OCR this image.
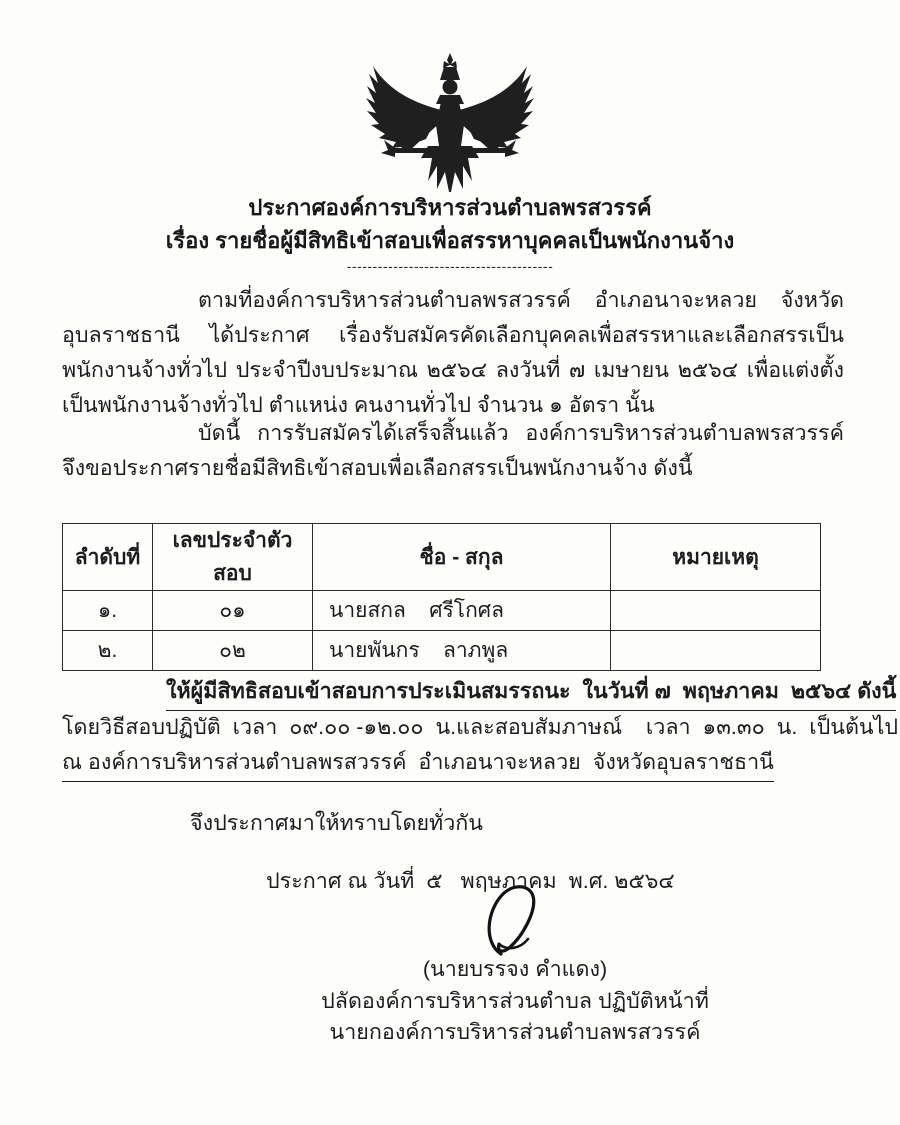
ประกาศองค์การบริหารส่วนตำบลพรสวรรค์
เรื่อง รายชื่อผู้มีสิทธิเข้าสอบเพื่อสรรหาบุคคลเป็นพนักงานจ้าง
----------------------------------------
ตามที่องค์การบริหารส่วนตำบลพรสวรรค์ อำเภอนาจะหลวย จังหวัดอุบลราชธานี ได้ประกาศ เรื่องรับสมัครคัดเลือกบุคคลเพื่อสรรหาและเลือกสรรเป็นพนักงานจ้างทั่วไป ประจำปีงบประมาณ ๒๕๖๔ ลงวันที่ ๗ เมษายน ๒๕๖๔ เพื่อแต่งตั้งเป็นพนักงานจ้างทั่วไป ตำแหน่ง คนงานทั่วไป จำนวน ๑ อัตรา นั้น
บัดนี้ การรับสมัครได้เสร็จสิ้นแล้ว องค์การบริหารส่วนตำบลพรสวรรค์ จึงขอประกาศรายชื่อมีสิทธิเข้าสอบเพื่อเลือกสรรเป็นพนักงานจ้าง ดังนี้
ลำดับที่	เลขประจำตัวสอบ	ชื่อ - สกุล	หมายเหตุ
๑.	๐๑	นายสกล    ศรีโกศล	
๒.	๐๒	นายพันกร    ลาภพูล	
ให้ผู้มีสิทธิสอบเข้าสอบการประเมินสมรรถนะ  ในวันที่ ๗  พฤษภาคม  ๒๕๖๔ ดังนี้
โดยวิธีสอบปฏิบัติ  เวลา  ๐๙.๐๐ -๑๒.๐๐  น.และสอบสัมภาษณ์    เวลา  ๑๓.๓๐  น.  เป็นต้นไป
ณ องค์การบริหารส่วนตำบลพรสวรรค์  อำเภอนาจะหลวย  จังหวัดอุบลราชธานี
จึงประกาศมาให้ทราบโดยทั่วกัน
ประกาศ ณ วันที่  ๕   พฤษภาคม  พ.ศ. ๒๕๖๔
(นายบรรจง คำแดง)
ปลัดองค์การบริหารส่วนตำบล ปฏิบัติหน้าที่
นายกองค์การบริหารส่วนตำบลพรสวรรค์
